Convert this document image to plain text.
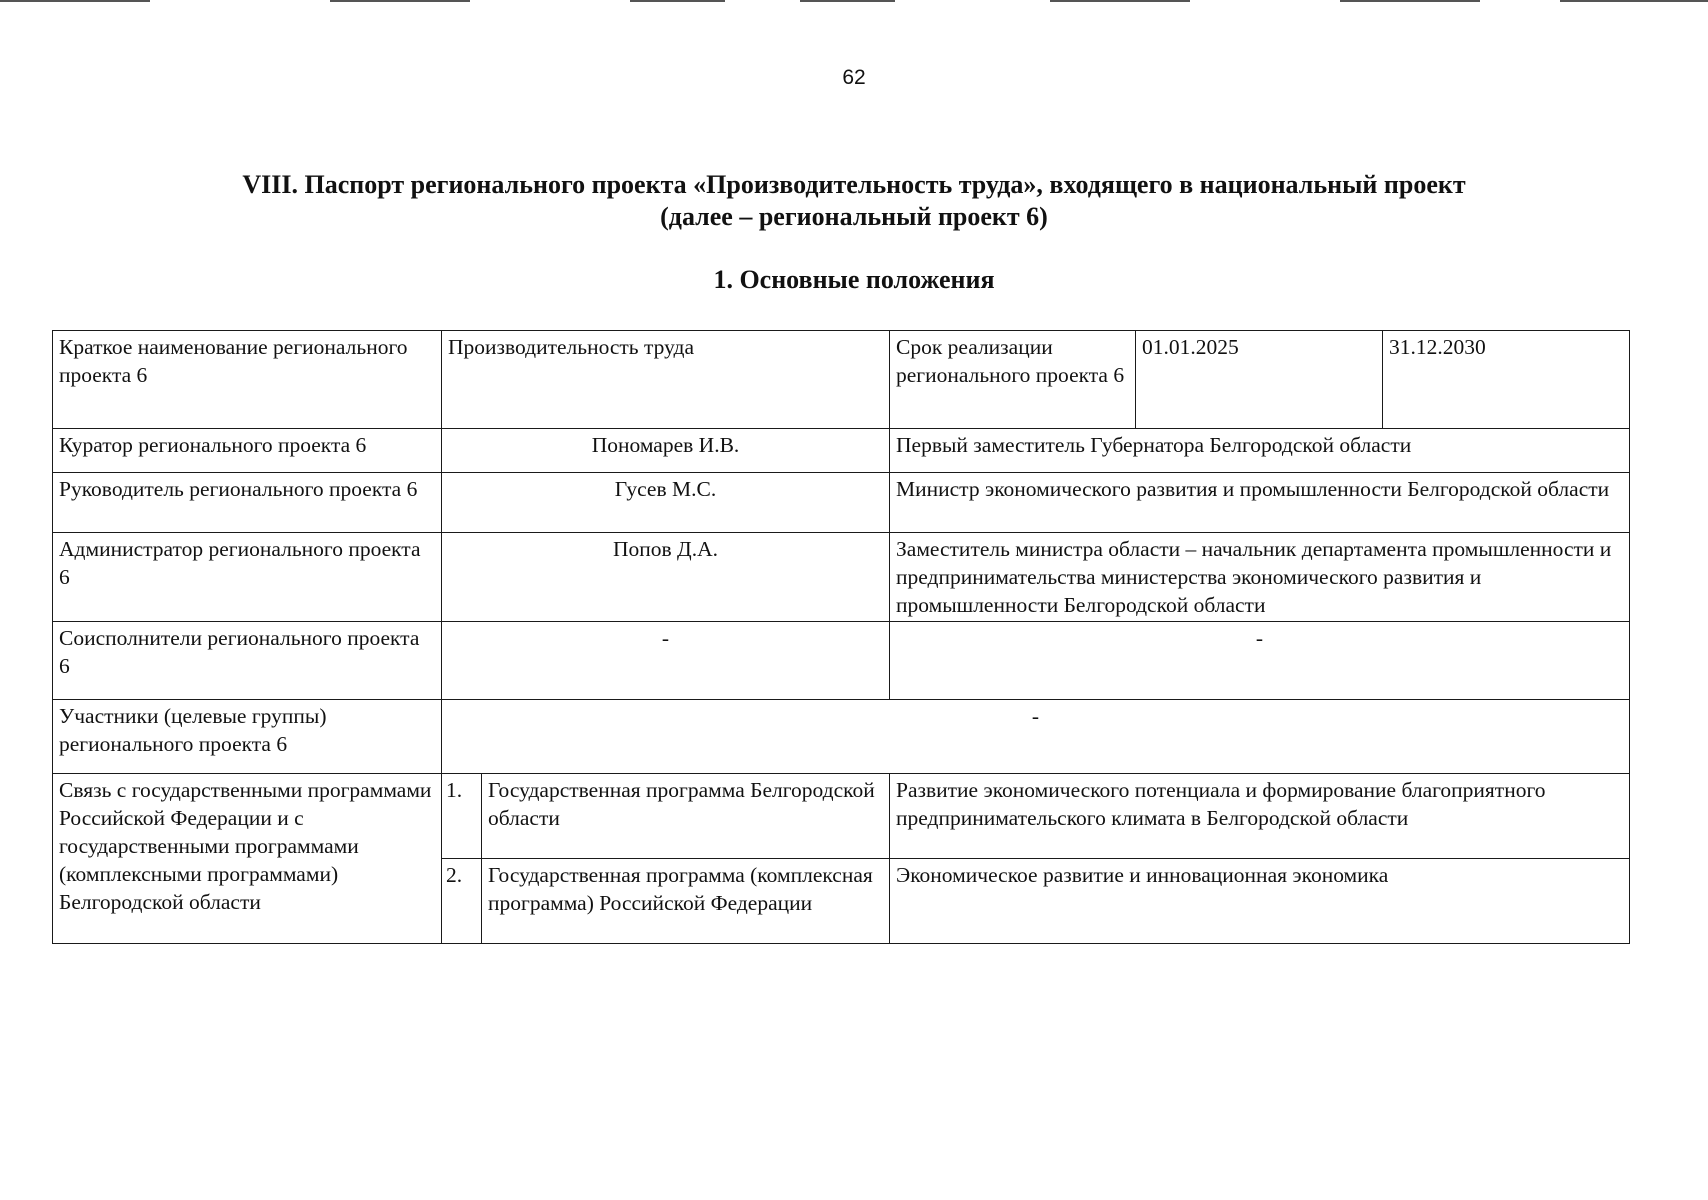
62
VIII. Паспорт регионального проекта «Производительность труда», входящего в национальный проект
(далее – региональный проект 6)
1. Основные положения
Краткое наименование регионального проекта 6	Производительность труда		Срок реализации регионального проекта 6	01.01.2025	31.12.2030
Куратор регионального проекта 6	Пономарев И.В.		Первый заместитель Губернатора Белгородской области		
Руководитель регионального проекта 6	Гусев М.С.		Министр экономического развития и промышленности Белгородской области		
Администратор регионального проекта 6	Попов Д.А.		Заместитель министра области – начальник департамента промышленности и предпринимательства министерства экономического развития и промышленности Белгородской области		
Соисполнители регионального проекта 6	-		-		
Участники (целевые группы) регионального проекта 6	-				
Связь с государственными программами Российской Федерации и с государственными программами (комплексными программами) Белгородской области	1.	Государственная программа Белгородской области	Развитие экономического потенциала и формирование благоприятного предпринимательского климата в Белгородской области		
	2.	Государственная программа (комплексная программа) Российской Федерации	Экономическое развитие и инновационная экономика		
